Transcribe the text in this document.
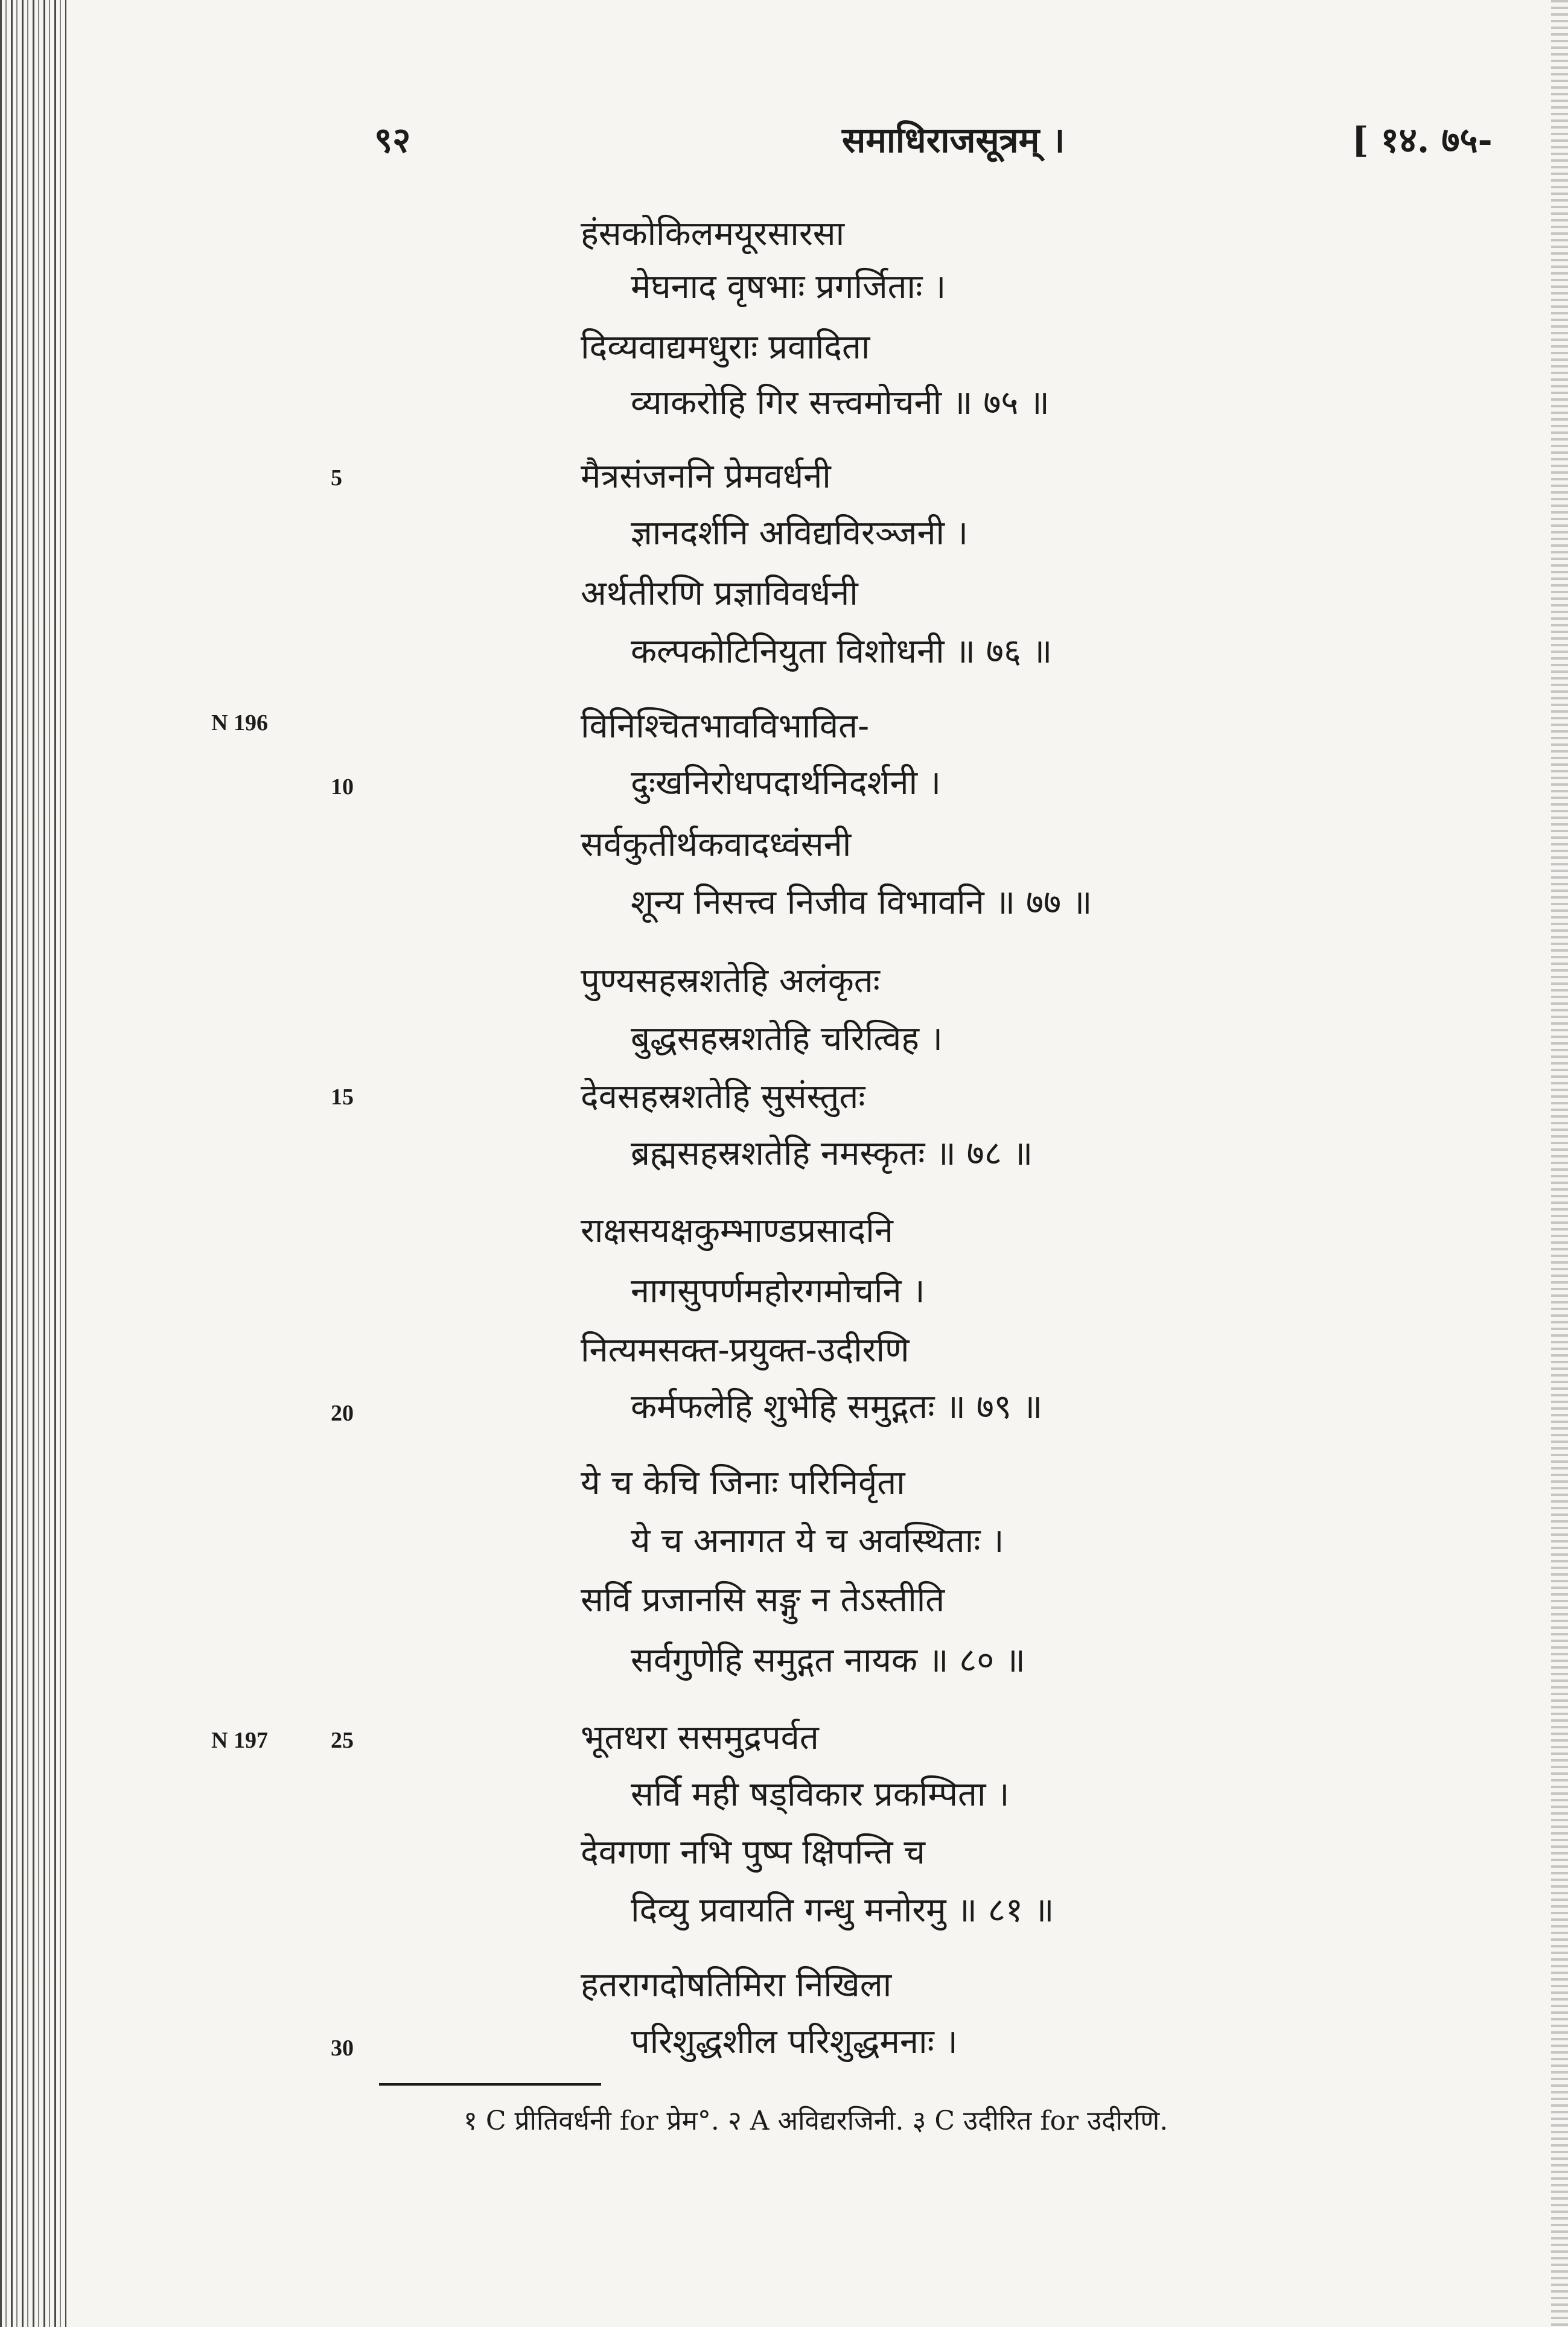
९२	समाधिराजसूत्रम् ।	[ १४. ७५-
हंसकोकिलमयूरसारसा
मेघनाद वृषभाः प्रगर्जिताः ।
दिव्यवाद्यमधुराः प्रवादिता
व्याकरोहि गिर सत्त्वमोचनी ॥ ७५ ॥
मैत्रसंजननि प्रेमवर्धनी
ज्ञानदर्शनि अविद्यविरञ्जनी ।
अर्थतीरणि प्रज्ञाविवर्धनी
कल्पकोटिनियुता विशोधनी ॥ ७६ ॥
विनिश्चितभावविभावित-
दुःखनिरोधपदार्थनिदर्शनी ।
सर्वकुतीर्थकवादध्वंसनी
शून्य निसत्त्व निजीव विभावनि ॥ ७७ ॥
पुण्यसहस्रशतेहि अलंकृतः
बुद्धसहस्रशतेहि चरित्विह ।
देवसहस्रशतेहि सुसंस्तुतः
ब्रह्मसहस्रशतेहि नमस्कृतः ॥ ७८ ॥
राक्षसयक्षकुम्भाण्डप्रसादनि
नागसुपर्णमहोरगमोचनि ।
नित्यमसक्त-प्रयुक्त-उदीरणि
कर्मफलेहि शुभेहि समुद्गतः ॥ ७९ ॥
ये च केचि जिनाः परिनिर्वृता
ये च अनागत ये च अवस्थिताः ।
सर्वि प्रजानसि सङ्गु न तेऽस्तीति
सर्वगुणेहि समुद्गत नायक ॥ ८० ॥
भूतधरा ससमुद्रपर्वत
सर्वि मही षड्विकार प्रकम्पिता ।
देवगणा नभि पुष्प क्षिपन्ति च
दिव्यु प्रवायति गन्धु मनोरमु ॥ ८१ ॥
हतरागदोषतिमिरा निखिला
परिशुद्धशील परिशुद्धमनाः ।
5
10
15
20
25
30
N 196
N 197
१ C प्रीतिवर्धनी for प्रेम°. २ A अविद्यरजिनी. ३ C उदीरित for उदीरणि.
